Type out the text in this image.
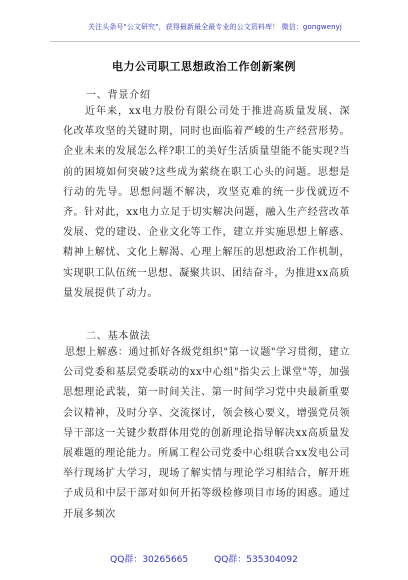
关注头条号"公文研究"，获得最新最全最专业的公文资料库！ 微信：gongwenyj
电力公司职工思想政治工作创新案例
一、背景介绍
近年来，xx电力股份有限公司处于推进高质量发展、深化改革攻坚的关键时期，同时也面临着严峻的生产经营形势。企业未来的发展怎么样?职工的美好生活质量望能不能实现?当前的困境如何突破?这些成为萦绕在职工心头的问题。思想是行动的先导。思想问题不解决，攻坚克难的统一步伐就迈不齐。针对此，xx电力立足于切实解决问题，融入生产经营改革发展、党的建设、企业文化等工作，建立并实施思想上解惑、精神上解忧、文化上解渴、心理上解压的思想政治工作机制，实现职工队伍统一思想、凝聚共识、团结奋斗，为推进xx高质量发展提供了动力。
二、基本做法
思想上解惑：通过抓好各级党组织"第一议题"学习贯彻，建立公司党委和基层党委联动的xx中心组"指尖云上课堂"等，加强思想理论武装，第一时间关注、第一时间学习党中央最新重要会议精神，及时分享、交流探讨，领会核心要义，增强党员领导干部这一关键少数群体用党的创新理论指导解决xx高质量发展难题的理论能力。所属工程公司党委中心组联合xx发电公司举行现场扩大学习，现场了解实情与理论学习相结合，解开班子成员和中层干部对如何开拓等级检修项目市场的困惑。通过开展多频次
QQ群：30265665	QQ群：535304092
